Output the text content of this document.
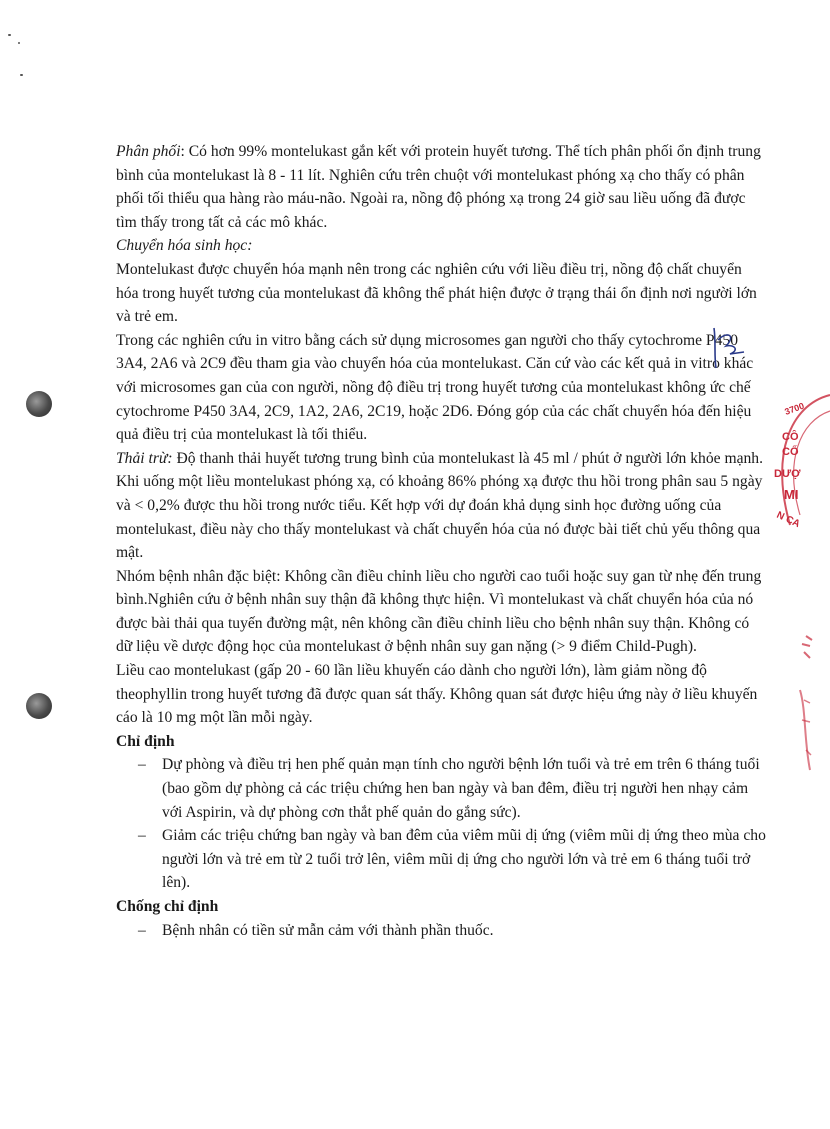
Phân phối: Có hơn 99% montelukast gắn kết với protein huyết tương. Thể tích phân phối ổn định trung bình của montelukast là 8 - 11 lít. Nghiên cứu trên chuột với montelukast phóng xạ cho thấy có phân phối tối thiểu qua hàng rào máu-não. Ngoài ra, nồng độ phóng xạ trong 24 giờ sau liều uống đã được tìm thấy trong tất cả các mô khác.

Chuyển hóa sinh học:

Montelukast được chuyển hóa mạnh nên trong các nghiên cứu với liều điều trị, nồng độ chất chuyển hóa trong huyết tương của montelukast đã không thể phát hiện được ở trạng thái ổn định nơi người lớn và trẻ em.

Trong các nghiên cứu in vitro bằng cách sử dụng microsomes gan người cho thấy cytochrome P450 3A4, 2A6 và 2C9 đều tham gia vào chuyển hóa của montelukast. Căn cứ vào các kết quả in vitro khác với microsomes gan của con người, nồng độ điều trị trong huyết tương của montelukast không ức chế cytochrome P450 3A4, 2C9, 1A2, 2A6, 2C19, hoặc 2D6. Đóng góp của các chất chuyển hóa đến hiệu quả điều trị của montelukast là tối thiểu.

Thải trừ: Độ thanh thải huyết tương trung bình của montelukast là 45 ml / phút ở người lớn khỏe mạnh. Khi uống một liều montelukast phóng xạ, có khoảng 86% phóng xạ được thu hồi trong phân sau 5 ngày và < 0,2% được thu hồi trong nước tiểu. Kết hợp với dự đoán khả dụng sinh học đường uống của montelukast, điều này cho thấy montelukast và chất chuyển hóa của nó được bài tiết chủ yếu thông qua mật.

Nhóm bệnh nhân đặc biệt: Không cần điều chỉnh liều cho người cao tuổi hoặc suy gan từ nhẹ đến trung bình.Nghiên cứu ở bệnh nhân suy thận đã không thực hiện. Vì montelukast và chất chuyển hóa của nó được bài thải qua tuyến đường mật, nên không cần điều chỉnh liều cho bệnh nhân suy thận. Không có dữ liệu về dược động học của montelukast ở bệnh nhân suy gan nặng (> 9 điểm Child-Pugh).

Liều cao montelukast (gấp 20 - 60 lần liều khuyến cáo dành cho người lớn), làm giảm nồng độ theophyllin trong huyết tương đã được quan sát thấy. Không quan sát được hiệu ứng này ở liều khuyến cáo là 10 mg một lần mỗi ngày.

Chỉ định

– Dự phòng và điều trị hen phế quản mạn tính cho người bệnh lớn tuổi và trẻ em trên 6 tháng tuổi (bao gồm dự phòng cả các triệu chứng hen ban ngày và ban đêm, điều trị người hen nhạy cảm với Aspirin, và dự phòng cơn thắt phế quản do gắng sức).
– Giảm các triệu chứng ban ngày và ban đêm của viêm mũi dị ứng (viêm mũi dị ứng theo mùa cho người lớn và trẻ em từ 2 tuổi trở lên, viêm mũi dị ứng cho người lớn và trẻ em 6 tháng tuổi trở lên).

Chống chỉ định

– Bệnh nhân có tiền sử mẫn cảm với thành phần thuốc.
3700
CÔ
CỔ
DƯỢ
MI
N CA
